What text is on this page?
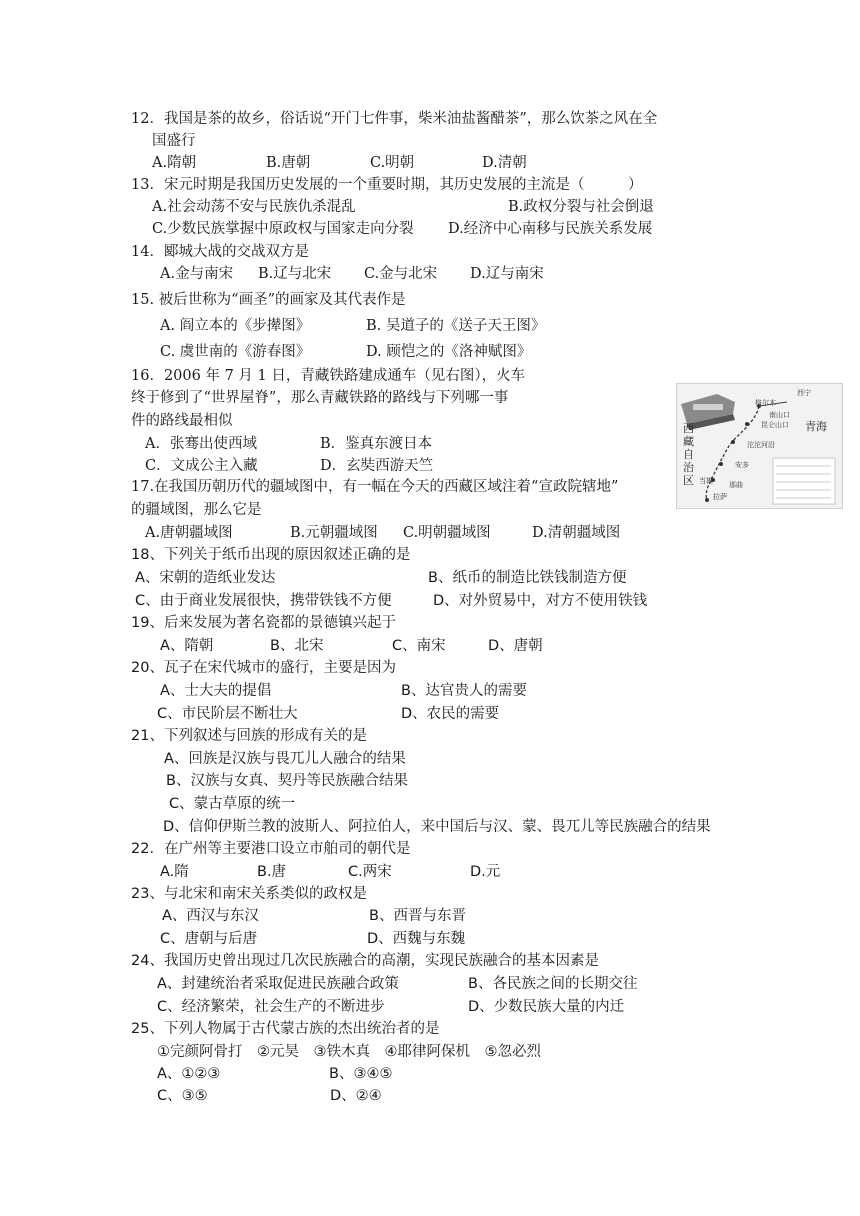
12．我国是茶的故乡，俗话说“开门七件事，柴米油盐酱醋茶”，那么饮茶之风在全
国盛行
A.隋朝	B.唐朝	C.明朝	D.清朝
13．宋元时期是我国历史发展的一个重要时期，其历史发展的主流是（　　　）
A.社会动荡不安与民族仇杀混乱	B.政权分裂与社会倒退
C.少数民族掌握中原政权与国家走向分裂 D.经济中心南移与民族关系发展
14．郾城大战的交战双方是
A.金与南宋 B.辽与北宋 C.金与北宋 D.辽与南宋
15. 被后世称为“画圣”的画家及其代表作是
A. 阎立本的《步撵图》	B. 吴道子的《送子天王图》
C. 虞世南的《游春图》	D. 顾恺之的《洛神赋图》
16．2006 年 7 月 1 日，青藏铁路建成通车（见右图），火车
终于修到了“世界屋脊”，那么青藏铁路的路线与下列哪一事
件的路线最相似
A．张骞出使西域	B．鉴真东渡日本
C．文成公主入藏	D．玄奘西游天竺
西藏自治区
格尔木
西宁
青海
南山口
昆仑山口
沱沱河沿
安多
那曲
拉萨
当雄
17.在我国历朝历代的疆域图中，有一幅在今天的西藏区域注着“宣政院辖地”
的疆域图，那么它是
A.唐朝疆域图	B.元朝疆域图 C.明朝疆域图	D.清朝疆域图
18、下列关于纸币出现的原因叙述正确的是
A、宋朝的造纸业发达	B、纸币的制造比铁钱制造方便
C、由于商业发展很快，携带铁钱不方便	D、对外贸易中，对方不使用铁钱
19、后来发展为著名瓷都的景德镇兴起于
A、隋朝	B、北宋	C、南宋	D、唐朝
20、瓦子在宋代城市的盛行，主要是因为
A、士大夫的提倡	B、达官贵人的需要
C、市民阶层不断壮大	D、农民的需要
21、下列叙述与回族的形成有关的是
A、回族是汉族与畏兀儿人融合的结果
B、汉族与女真、契丹等民族融合结果
C、蒙古草原的统一
D、信仰伊斯兰教的波斯人、阿拉伯人，来中国后与汉、蒙、畏兀儿等民族融合的结果
22．在广州等主要港口设立市舶司的朝代是
A.隋	B.唐	C.两宋	D.元
23、与北宋和南宋关系类似的政权是
A、西汉与东汉	B、西晋与东晋
C、唐朝与后唐	D、西魏与东魏
24、我国历史曾出现过几次民族融合的高潮，实现民族融合的基本因素是
A、封建统治者采取促进民族融合政策	B、各民族之间的长期交往
C、经济繁荣，社会生产的不断进步	D、少数民族大量的内迁
25、下列人物属于古代蒙古族的杰出统治者的是
①完颜阿骨打　②元昊　③铁木真　④耶律阿保机　⑤忽必烈
A、①②③	B、③④⑤
C、③⑤	D、②④
